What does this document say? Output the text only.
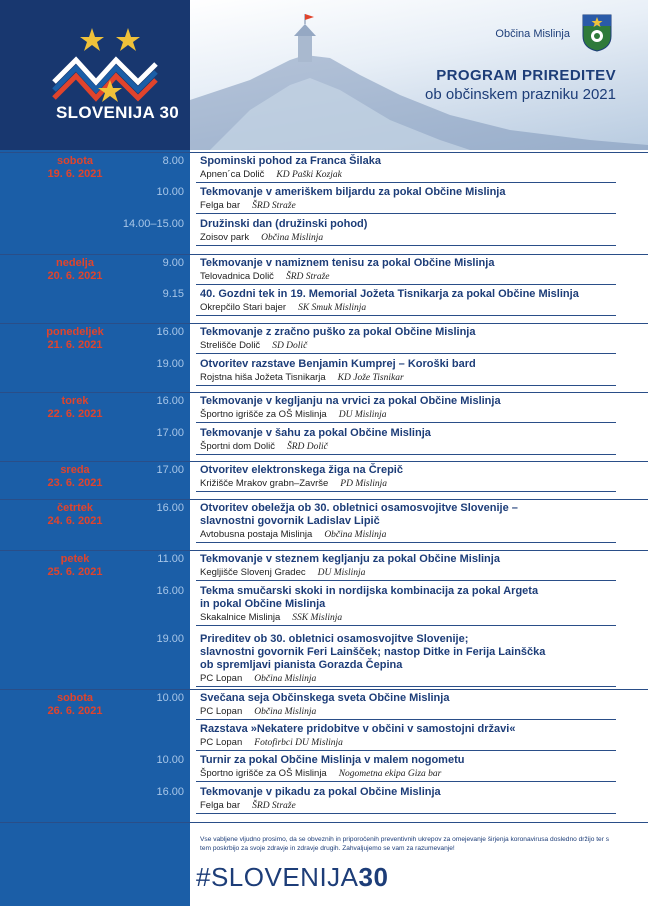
SLOVENIJA 30
Občina Mislinja
PROGRAM PRIREDITEV
ob občinskem prazniku 2021
sobota
19. 6. 2021
8.00 Spominski pohod za Franca Šilaka
Apnen´ca Dolič KD Paški Kozjak
10.00 Tekmovanje v ameriškem biljardu za pokal Občine Mislinja
Felga bar ŠRD Straže
14.00–15.00 Družinski dan (družinski pohod)
Zoisov park Občina Mislinja
nedelja
20. 6. 2021
9.00 Tekmovanje v namiznem tenisu za pokal Občine Mislinja
Telovadnica Dolič ŠRD Straže
9.15 40. Gozdni tek in 19. Memorial Jožeta Tisnikarja za pokal Občine Mislinja
Okrepčilo Stari bajer SK Smuk Mislinja
ponedeljek
21. 6. 2021
16.00 Tekmovanje z zračno puško za pokal Občine Mislinja
Strelišče Dolič SD Dolič
19.00 Otvoritev razstave Benjamin Kumprej – Koroški bard
Rojstna hiša Jožeta Tisnikarja KD Jože Tisnikar
torek
22. 6. 2021
16.00 Tekmovanje v kegljanju na vrvici za pokal Občine Mislinja
Športno igrišče za OŠ Mislinja DU Mislinja
17.00 Tekmovanje v šahu za pokal Občine Mislinja
Športni dom Dolič ŠRD Dolič
sreda
23. 6. 2021
17.00 Otvoritev elektronskega žiga na Črepič
Križišče Mrakov grabn–Završe PD Mislinja
četrtek
24. 6. 2021
16.00 Otvoritev obeležja ob 30. obletnici osamosvojitve Slovenije –
slavnostni govornik Ladislav Lipič
Avtobusna postaja Mislinja Občina Mislinja
petek
25. 6. 2021
11.00 Tekmovanje v steznem kegljanju za pokal Občine Mislinja
Kegljišče Slovenj Gradec DU Mislinja
16.00 Tekma smučarski skoki in nordijska kombinacija za pokal Argeta
in pokal Občine Mislinja
Skakalnice Mislinja SSK Mislinja
19.00 Prireditev ob 30. obletnici osamosvojitve Slovenije;
slavnostni govornik Feri Lainšček; nastop Ditke in Ferija Lainščka
ob spremljavi pianista Gorazda Čepina
PC Lopan Občina Mislinja
sobota
26. 6. 2021
10.00 Svečana seja Občinskega sveta Občine Mislinja
PC Lopan Občina Mislinja
Razstava »Nekatere pridobitve v občini v samostojni državi«
PC Lopan Fotofirbci DU Mislinja
10.00 Turnir za pokal Občine Mislinja v malem nogometu
Športno igrišče za OŠ Mislinja Nogometna ekipa Giza bar
16.00 Tekmovanje v pikadu za pokal Občine Mislinja
Felga bar ŠRD Straže
Vse vabljene vljudno prosimo, da se obveznih in priporočenih preventivnih ukrepov za omejevanje širjenja koronavirusa dosledno držijo ter s tem poskrbijo za svoje zdravje in zdravje drugih. Zahvaljujemo se vam za razumevanje!
#SLOVENIJA30
